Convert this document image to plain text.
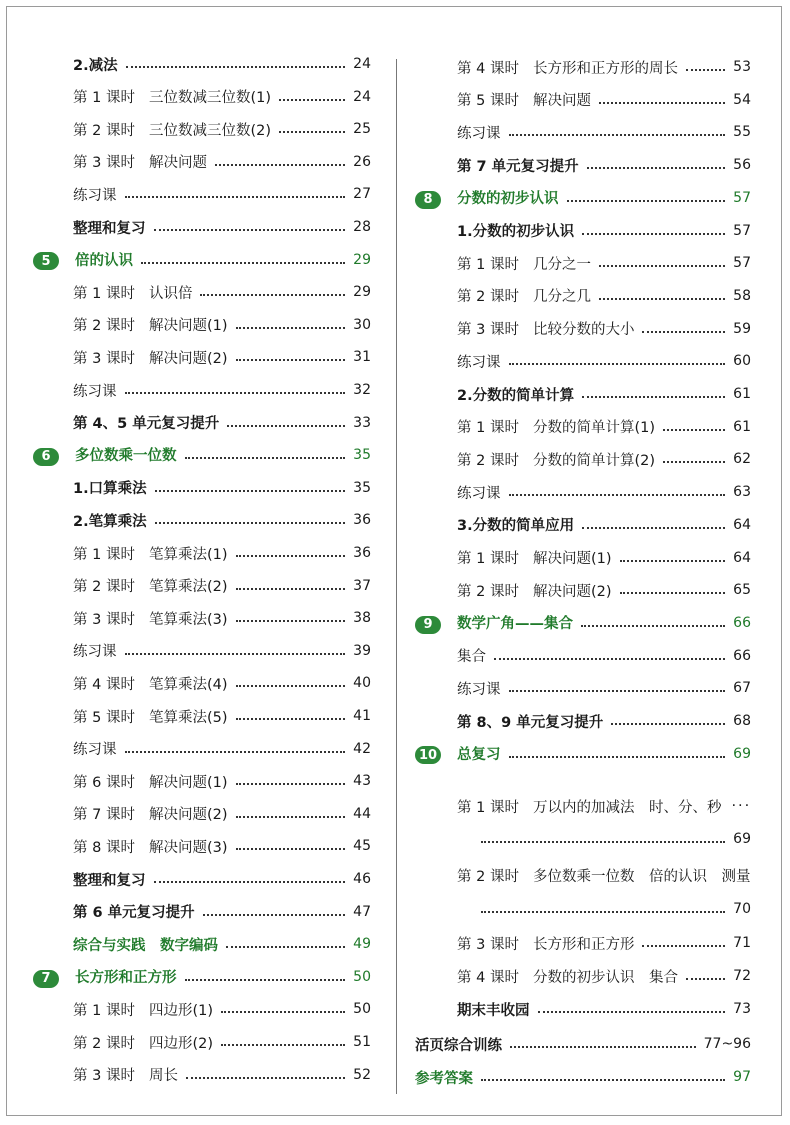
2.减法	24
第 1 课时 三位数减三位数(1)	24
第 2 课时 三位数减三位数(2)	25
第 3 课时 解决问题	26
练习课	27
整理和复习	28
5 倍的认识	29
第 1 课时 认识倍	29
第 2 课时 解决问题(1)	30
第 3 课时 解决问题(2)	31
练习课	32
第 4、5 单元复习提升	33
6 多位数乘一位数	35
1.口算乘法	35
2.笔算乘法	36
第 1 课时 笔算乘法(1)	36
第 2 课时 笔算乘法(2)	37
第 3 课时 笔算乘法(3)	38
练习课	39
第 4 课时 笔算乘法(4)	40
第 5 课时 笔算乘法(5)	41
练习课	42
第 6 课时 解决问题(1)	43
第 7 课时 解决问题(2)	44
第 8 课时 解决问题(3)	45
整理和复习	46
第 6 单元复习提升	47
综合与实践　数字编码	49
7 长方形和正方形	50
第 1 课时 四边形(1)	50
第 2 课时 四边形(2)	51
第 3 课时 周长	52
第 4 课时 长方形和正方形的周长	53
第 5 课时 解决问题	54
练习课	55
第 7 单元复习提升	56
8 分数的初步认识	57
1.分数的初步认识	57
第 1 课时 几分之一	57
第 2 课时 几分之几	58
第 3 课时 比较分数的大小	59
练习课	60
2.分数的简单计算	61
第 1 课时 分数的简单计算(1)	61
第 2 课时 分数的简单计算(2)	62
练习课	63
3.分数的简单应用	64
第 1 课时 解决问题(1)	64
第 2 课时 解决问题(2)	65
9 数学广角——集合	66
集合	66
练习课	67
第 8、9 单元复习提升	68
10 总复习	69
第 1 课时 万以内的加减法　时、分、秒 ···
69
第 2 课时 多位数乘一位数　倍的认识　测量
70
第 3 课时 长方形和正方形	71
第 4 课时 分数的初步认识　集合	72
期末丰收园	73
活页综合训练	77~96
参考答案	97
